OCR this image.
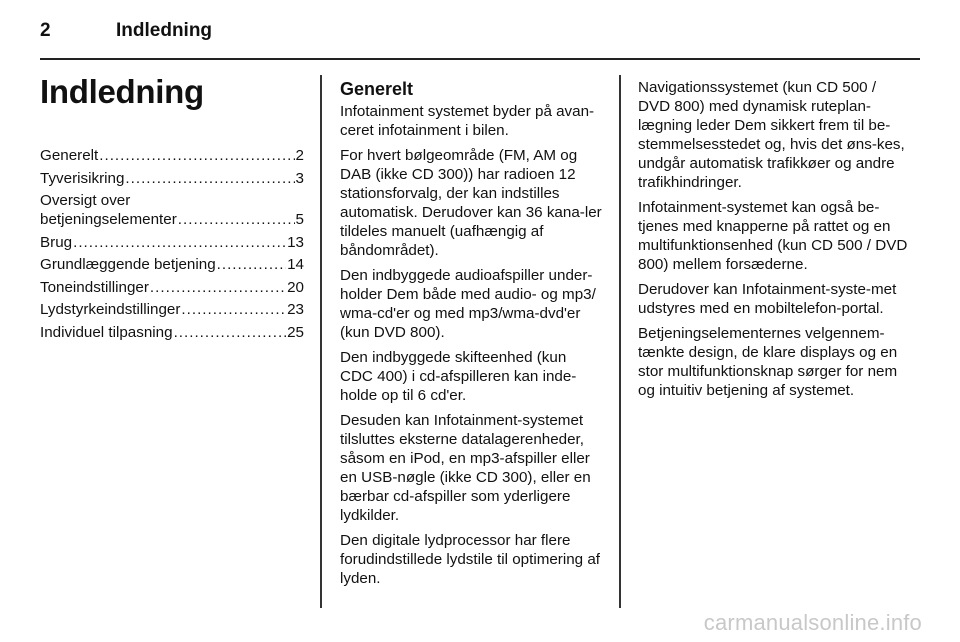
2	Indledning
Indledning
Generelt .....	2
Tyverisikring .....	3
Oversigt over
betjeningselementer .....	5
Brug .....	13
Grundlæggende betjening .....	14
Toneindstillinger .....	20
Lydstyrkeindstillinger .....	23
Individuel tilpasning .....	25
Generelt

Infotainment systemet byder på avan-ceret infotainment i bilen.

For hvert bølgeområde (FM, AM og DAB (ikke CD 300)) har radioen 12 stationsforvalg, der kan indstilles automatisk. Derudover kan 36 kana-ler tildeles manuelt (uafhængig af båndområdet).

Den indbyggede audioafspiller under-holder Dem både med audio- og mp3/ wma-cd'er og med mp3/wma-dvd'er (kun DVD 800).

Den indbyggede skifteenhed (kun CDC 400) i cd-afspilleren kan inde-holde op til 6 cd'er.

Desuden kan Infotainment-systemet tilsluttes eksterne datalagerenheder, såsom en iPod, en mp3-afspiller eller en USB-nøgle (ikke CD 300), eller en bærbar cd-afspiller som yderligere lydkilder.

Den digitale lydprocessor har flere forudindstillede lydstile til optimering af lyden.

Navigationssystemet (kun CD 500 / DVD 800) med dynamisk ruteplan-lægning leder Dem sikkert frem til be-stemmelsesstedet og, hvis det øns-kes, undgår automatisk trafikkøer og andre trafikhindringer.

Infotainment-systemet kan også be-tjenes med knapperne på rattet og en multifunktionsenhed (kun CD 500 / DVD 800) mellem forsæderne.

Derudover kan Infotainment-syste-met udstyres med en mobiltelefon-portal.

Betjeningselementernes velgennem-tænkte design, de klare displays og en stor multifunktionsknap sørger for nem og intuitiv betjening af systemet.

carmanualsonline.info
